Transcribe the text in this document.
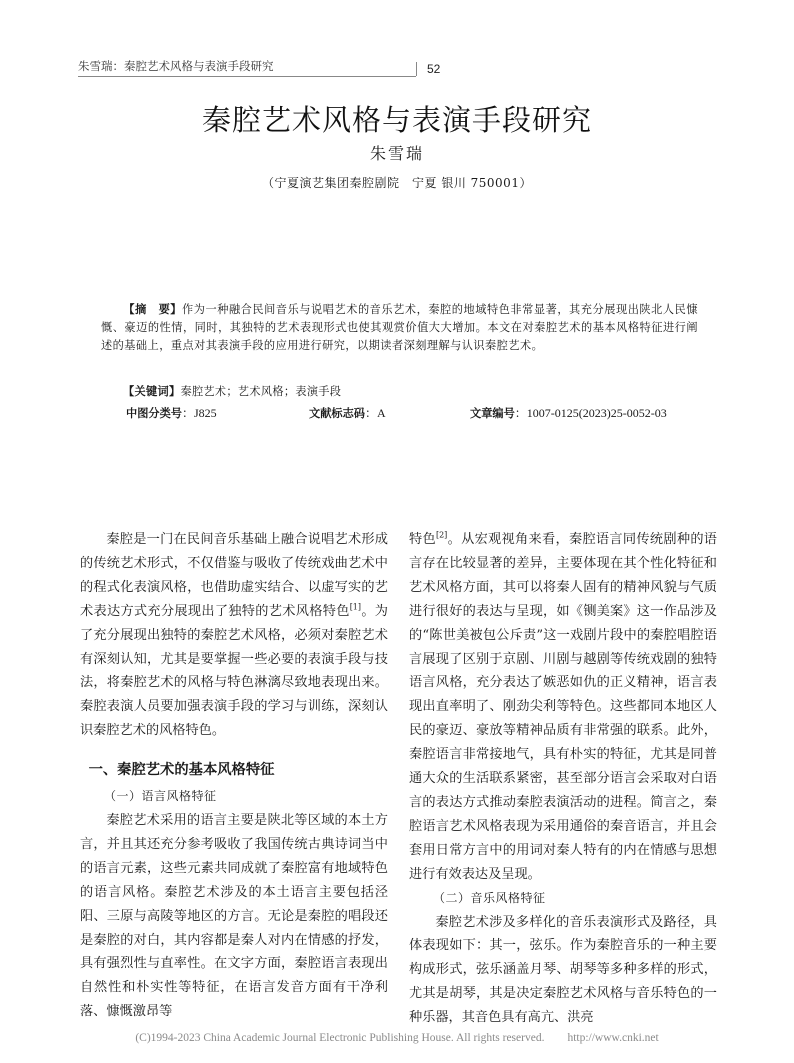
朱雪瑞：秦腔艺术风格与表演手段研究	52
秦腔艺术风格与表演手段研究
朱雪瑞
（宁夏演艺集团秦腔剧院　宁夏 银川 750001）
【摘　要】作为一种融合民间音乐与说唱艺术的音乐艺术，秦腔的地域特色非常显著，其充分展现出陕北人民慷慨、豪迈的性情，同时，其独特的艺术表现形式也使其观赏价值大大增加。本文在对秦腔艺术的基本风格特征进行阐述的基础上，重点对其表演手段的应用进行研究，以期读者深刻理解与认识秦腔艺术。
【关键词】秦腔艺术；艺术风格；表演手段
中图分类号：J825	文献标志码：A	文章编号：1007-0125(2023)25-0052-03

秦腔是一门在民间音乐基础上融合说唱艺术形成的传统艺术形式，不仅借鉴与吸收了传统戏曲艺术中的程式化表演风格，也借助虚实结合、以虚写实的艺术表达方式充分展现出了独特的艺术风格特色[1]。为了充分展现出独特的秦腔艺术风格，必须对秦腔艺术有深刻认知，尤其是要掌握一些必要的表演手段与技法，将秦腔艺术的风格与特色淋漓尽致地表现出来。秦腔表演人员要加强表演手段的学习与训练，深刻认识秦腔艺术的风格特色。

一、秦腔艺术的基本风格特征

（一）语言风格特征

秦腔艺术采用的语言主要是陕北等区域的本土方言，并且其还充分参考吸收了我国传统古典诗词当中的语言元素，这些元素共同成就了秦腔富有地域特色的语言风格。秦腔艺术涉及的本土语言主要包括泾阳、三原与高陵等地区的方言。无论是秦腔的唱段还是秦腔的对白，其内容都是秦人对内在情感的抒发，具有强烈性与直率性。在文字方面，秦腔语言表现出自然性和朴实性等特征，在语言发音方面有干净利落、慷慨激昂等

特色[2]。从宏观视角来看，秦腔语言同传统剧种的语言存在比较显著的差异，主要体现在其个性化特征和艺术风格方面，其可以将秦人固有的精神风貌与气质进行很好的表达与呈现，如《铡美案》这一作品涉及的“陈世美被包公斥责”这一戏剧片段中的秦腔唱腔语言展现了区别于京剧、川剧与越剧等传统戏剧的独特语言风格，充分表达了嫉恶如仇的正义精神，语言表现出直率明了、刚劲尖利等特色。这些都同本地区人民的豪迈、豪放等精神品质有非常强的联系。此外，秦腔语言非常接地气，具有朴实的特征，尤其是同普通大众的生活联系紧密，甚至部分语言会采取对白语言的表达方式推动秦腔表演活动的进程。简言之，秦腔语言艺术风格表现为采用通俗的秦音语言，并且会套用日常方言中的用词对秦人特有的内在情感与思想进行有效表达及呈现。

（二）音乐风格特征

秦腔艺术涉及多样化的音乐表演形式及路径，具体表现如下：其一，弦乐。作为秦腔音乐的一种主要构成形式，弦乐涵盖月琴、胡琴等多种多样的形式，尤其是胡琴，其是决定秦腔艺术风格与音乐特色的一种乐器，其音色具有高亢、洪亮

(C)1994-2023 China Academic Journal Electronic Publishing House. All rights reserved.　　http://www.cnki.net
